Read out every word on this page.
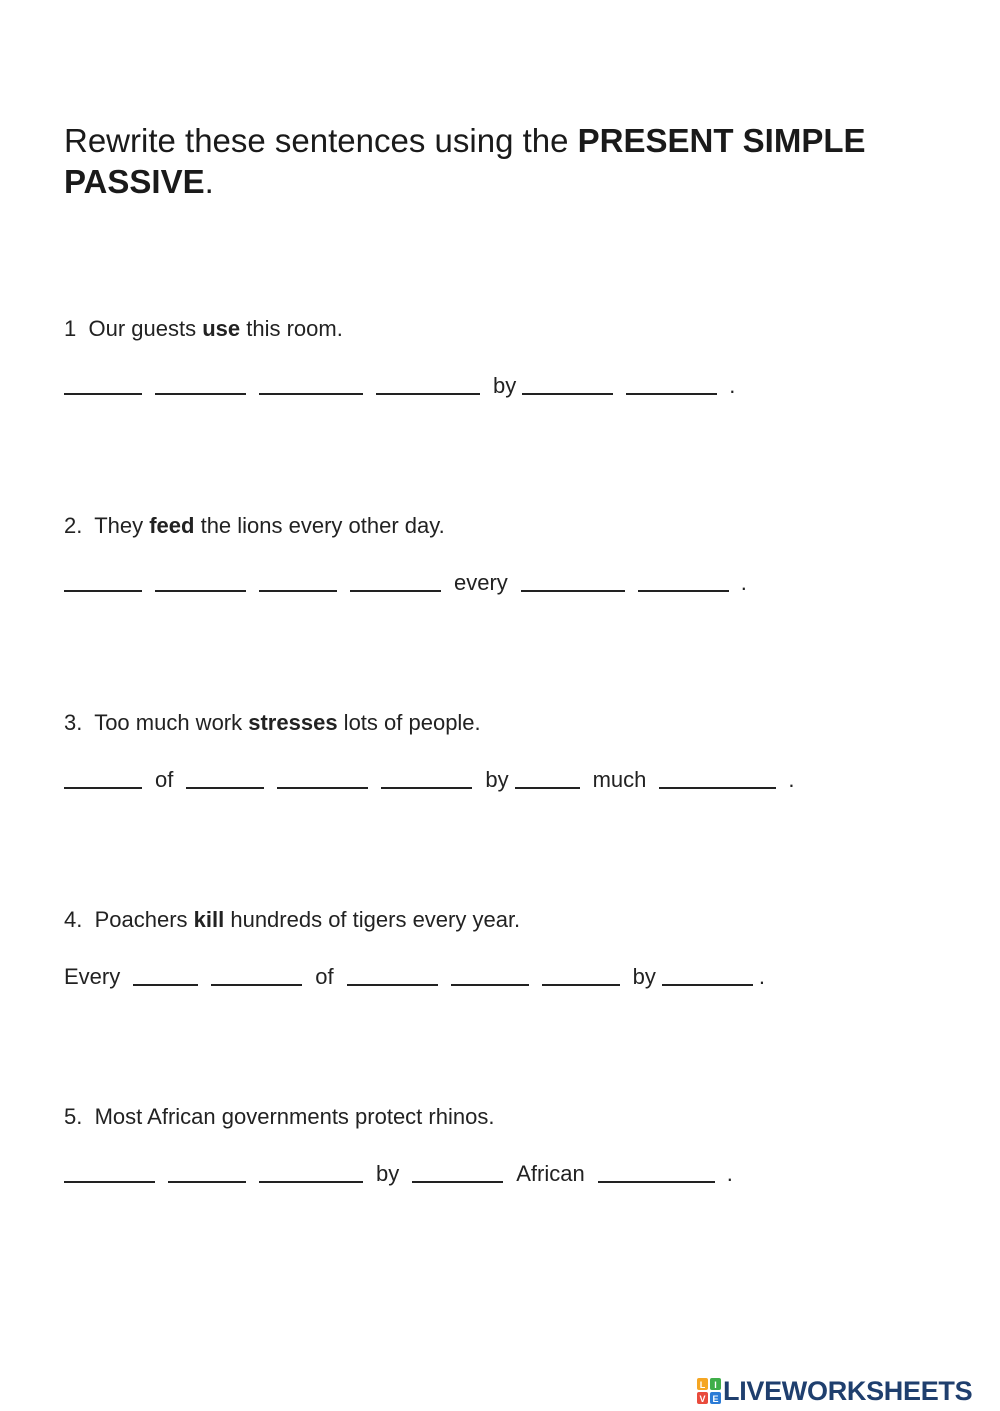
Rewrite these sentences using the PRESENT SIMPLE PASSIVE.
1 Our guests use this room.
by	.
2. They feed the lions every other day.
every	.
3. Too much work stresses lots of people.
of	by	much	.
4. Poachers kill hundreds of tigers every year.
Every	of	by	.
5. Most African governments protect rhinos.
by	African	.
L I
V E LIVEWORKSHEETS
